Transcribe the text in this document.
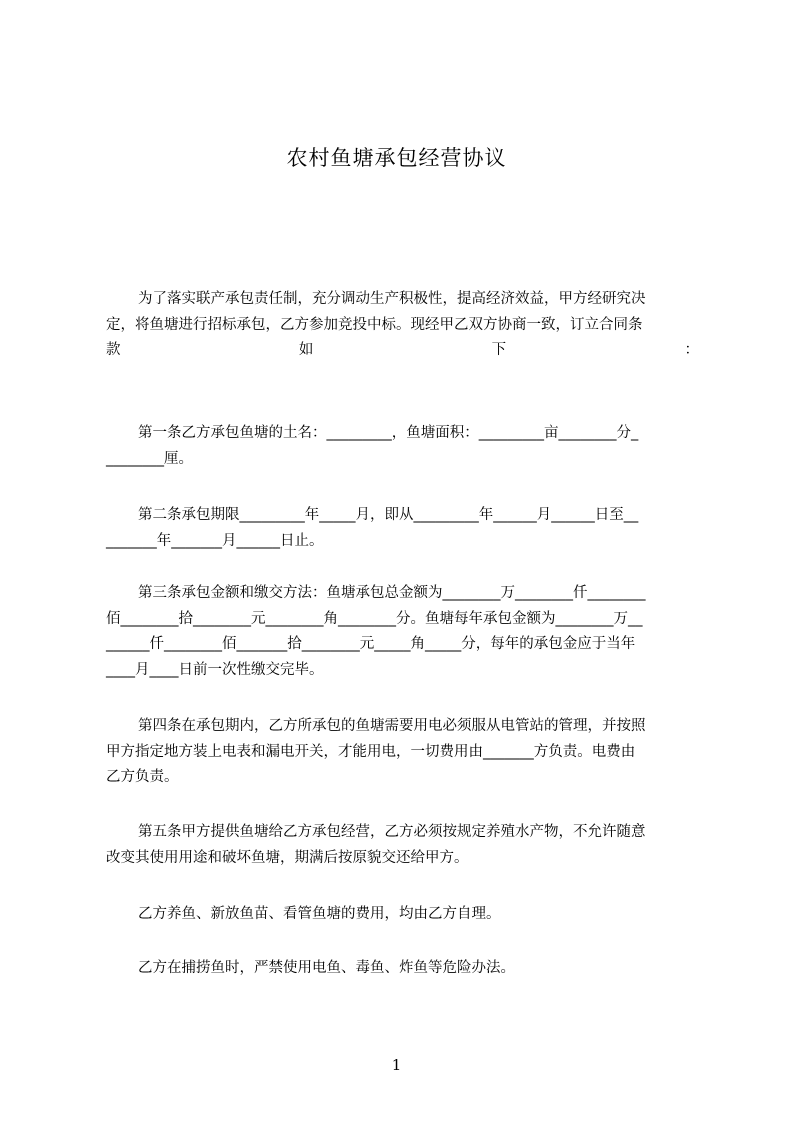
农村鱼塘承包经营协议
为了落实联产承包责任制，充分调动生产积极性，提高经济效益，甲方经研究决
定，将鱼塘进行招标承包，乙方参加竞投中标。现经甲乙双方协商一致，订立合同条
款	如	下	：
第一条乙方承包鱼塘的土名：_________，鱼塘面积：_________亩________分_
________厘。
第二条承包期限_________年_____月，即从_________年______月______日至__
_______年_______月______日止。
第三条承包金额和缴交方法：鱼塘承包总金额为________万________仟________
佰________拾________元________角________分。鱼塘每年承包金额为________万__
______仟________佰_______拾________元_____角_____分，每年的承包金应于当年
____月____日前一次性缴交完毕。
第四条在承包期内，乙方所承包的鱼塘需要用电必须服从电管站的管理，并按照
甲方指定地方装上电表和漏电开关，才能用电，一切费用由_______方负责。电费由
乙方负责。
第五条甲方提供鱼塘给乙方承包经营，乙方必须按规定养殖水产物，不允许随意
改变其使用用途和破坏鱼塘，期满后按原貌交还给甲方。
乙方养鱼、新放鱼苗、看管鱼塘的费用，均由乙方自理。
乙方在捕捞鱼时，严禁使用电鱼、毒鱼、炸鱼等危险办法。
1
